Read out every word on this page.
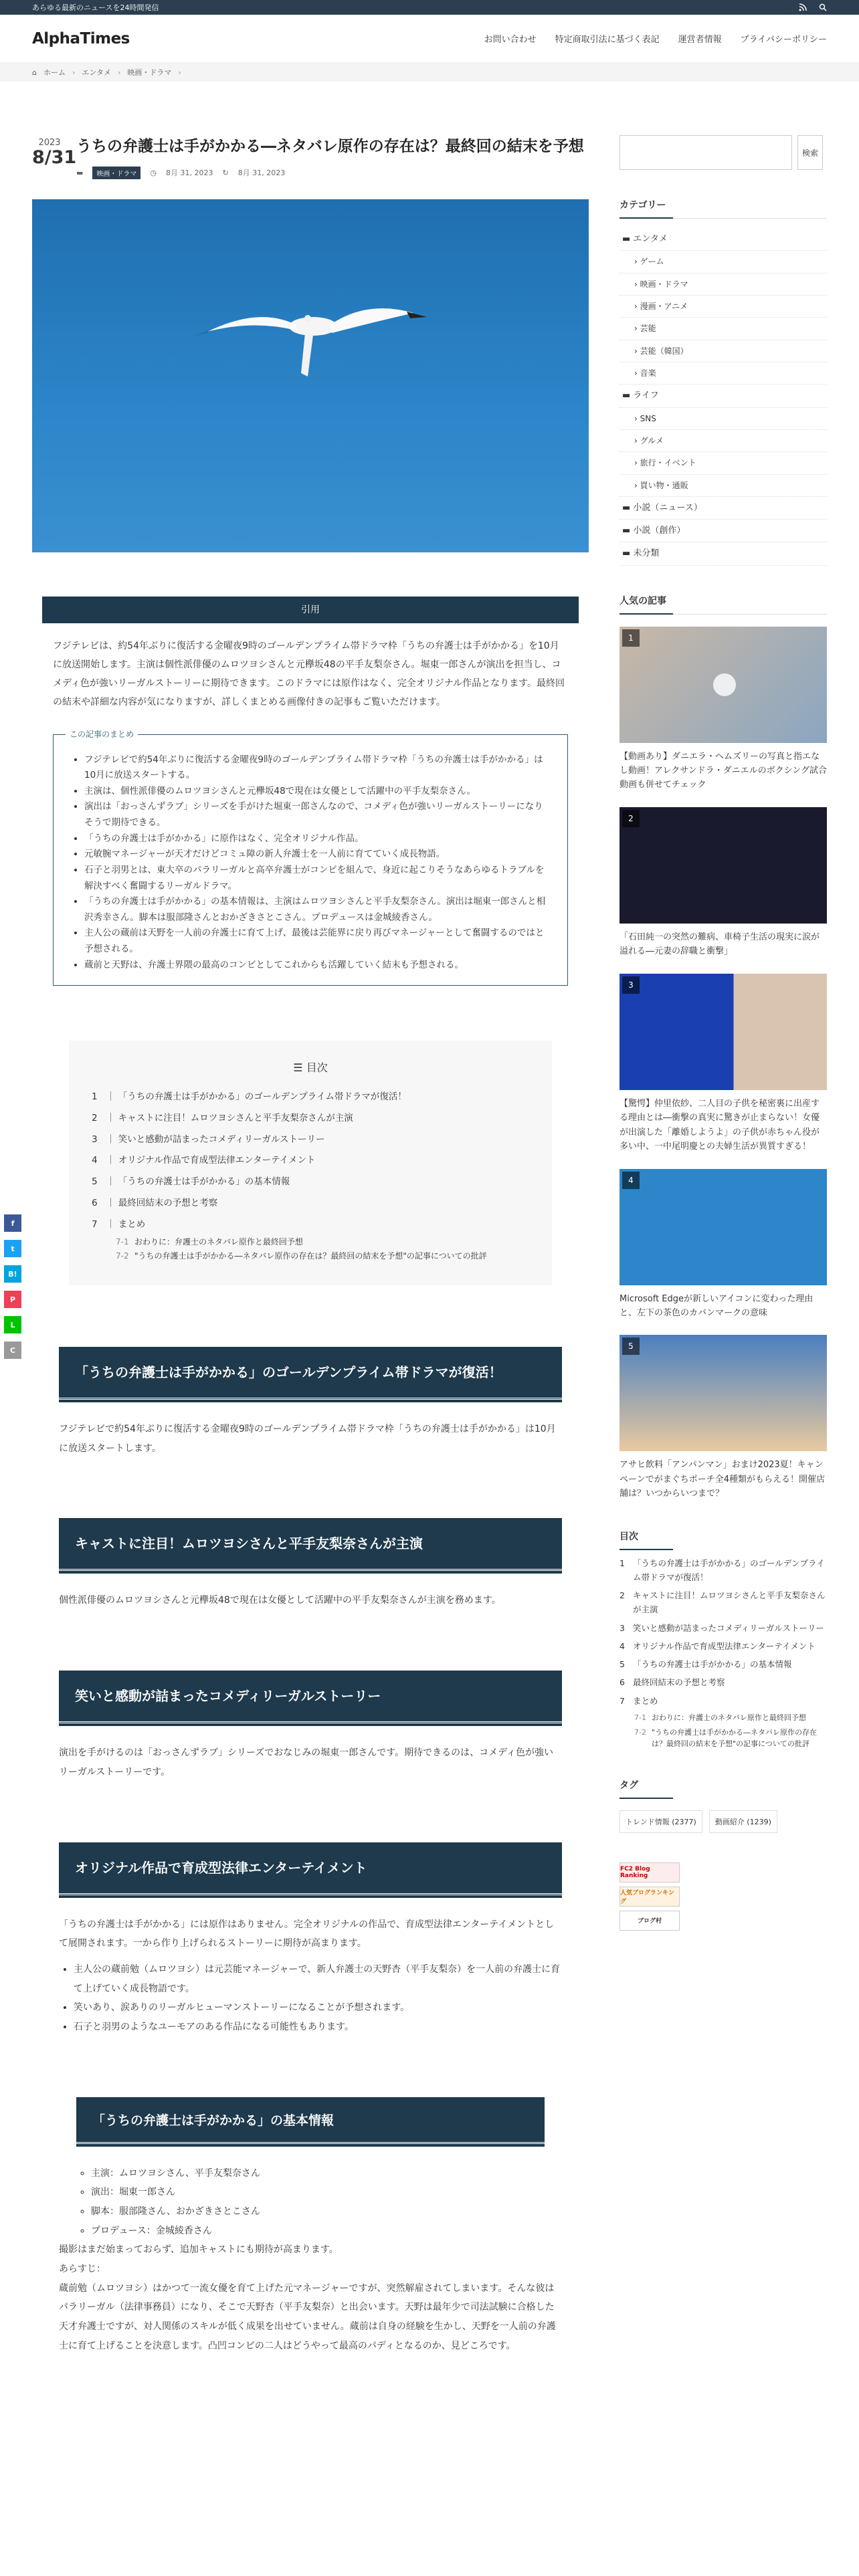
あらゆる最新のニュースを24時間発信
AlphaTimes	お問い合わせ 特定商取引法に基づく表記 運営者情報 プライバシーポリシー
⌂ ホーム › エンタメ › 映画・ドラマ ›
f
t
B!
P
L
C
2023
8/31
うちの弁護士は手がかかる―ネタバレ原作の存在は？最終回の結末を予想
▬	映画・ドラマ	◷ 8月 31, 2023 ↻ 8月 31, 2023
引用

フジテレビは、約54年ぶりに復活する金曜夜9時のゴールデンプライム帯ドラマ枠「うちの弁護士は手がかかる」を10月に放送開始します。主演は個性派俳優のムロツヨシさんと元欅坂48の平手友梨奈さん。堀東一郎さんが演出を担当し、コメディ色が強いリーガルストーリーに期待できます。このドラマには原作はなく、完全オリジナル作品となります。最終回の結末や詳細な内容が気になりますが、詳しくまとめる画像付きの記事もご覧いただけます。

この記事のまとめ
• フジテレビで約54年ぶりに復活する金曜夜9時のゴールデンプライム帯ドラマ枠「うちの弁護士は手がかかる」は10月に放送スタートする。
• 主演は、個性派俳優のムロツヨシさんと元欅坂48で現在は女優として活躍中の平手友梨奈さん。
• 演出は「おっさんずラブ」シリーズを手がけた堀東一郎さんなので、コメディ色が強いリーガルストーリーになりそうで期待できる。
• 「うちの弁護士は手がかかる」に原作はなく、完全オリジナル作品。
• 元敏腕マネージャーが天才だけどコミュ障の新人弁護士を一人前に育てていく成長物語。
• 石子と羽男とは、東大卒のパラリーガルと高卒弁護士がコンビを組んで、身近に起こりそうなあらゆるトラブルを解決すべく奮闘するリーガルドラマ。
• 「うちの弁護士は手がかかる」の基本情報は、主演はムロツヨシさんと平手友梨奈さん。演出は堀東一郎さんと相沢秀幸さん。脚本は服部隆さんとおかざきさとこさん。プロデュースは金城綾香さん。
• 主人公の蔵前は天野を一人前の弁護士に育て上げ、最後は芸能界に戻り再びマネージャーとして奮闘するのではと予想される。
• 蔵前と天野は、弁護士界隈の最高のコンビとしてこれからも活躍していく結末も予想される。
☰ 目次
1 ｜ 「うちの弁護士は手がかかる」のゴールデンプライム帯ドラマが復活！
2 ｜ キャストに注目！ムロツヨシさんと平手友梨奈さんが主演
3 ｜ 笑いと感動が詰まったコメディリーガルストーリー
4 ｜ オリジナル作品で育成型法律エンターテイメント
5 ｜ 「うちの弁護士は手がかかる」の基本情報
6 ｜ 最終回結末の予想と考察
7 ｜ まとめ
7-1 おわりに：弁護士のネタバレ原作と最終回予想
7-2 "うちの弁護士は手がかかる―ネタバレ原作の存在は？最終回の結末を予想"の記事についての批評
「うちの弁護士は手がかかる」のゴールデンプライム帯ドラマが復活！

フジテレビで約54年ぶりに復活する金曜夜9時のゴールデンプライム帯ドラマ枠「うちの弁護士は手がかかる」は10月に放送スタートします。

キャストに注目！ムロツヨシさんと平手友梨奈さんが主演

個性派俳優のムロツヨシさんと元欅坂48で現在は女優として活躍中の平手友梨奈さんが主演を務めます。

笑いと感動が詰まったコメディリーガルストーリー

演出を手がけるのは「おっさんずラブ」シリーズでおなじみの堀東一郎さんです。期待できるのは、コメディ色が強いリーガルストーリーです。

オリジナル作品で育成型法律エンターテイメント

「うちの弁護士は手がかかる」には原作はありません。完全オリジナルの作品で、育成型法律エンターテイメントとして展開されます。一から作り上げられるストーリーに期待が高まります。

• 主人公の蔵前勉（ムロツヨシ）は元芸能マネージャーで、新人弁護士の天野杏（平手友梨奈）を一人前の弁護士に育て上げていく成長物語です。
• 笑いあり、涙ありのリーガルヒューマンストーリーになることが予想されます。
• 石子と羽男のようなユーモアのある作品になる可能性もあります。
「うちの弁護士は手がかかる」の基本情報
◦ 主演：ムロツヨシさん、平手友梨奈さん
◦ 演出：堀東一郎さん
◦ 脚本：服部隆さん、おかざきさとこさん
◦ プロデュース：金城綾香さん

撮影はまだ始まっておらず、追加キャストにも期待が高まります。

あらすじ：

蔵前勉（ムロツヨシ）はかつて一流女優を育て上げた元マネージャーですが、突然解雇されてしまいます。そんな彼はパラリーガル（法律事務員）になり、そこで天野杏（平手友梨奈）と出会います。天野は最年少で司法試験に合格した天才弁護士ですが、対人関係のスキルが低く成果を出せていません。蔵前は自身の経験を生かし、天野を一人前の弁護士に育て上げることを決意します。凸凹コンビの二人はどうやって最高のパディとなるのか、見どころです。

検索
カテゴリー
▬ エンタメ
› ゲーム
› 映画・ドラマ
› 漫画・アニメ
› 芸能
› 芸能（韓国）
› 音楽
▬ ライフ
› SNS
› グルメ
› 旅行・イベント
› 買い物・通販
▬ 小説（ニュース）
▬ 小説（創作）
▬ 未分類
人気の記事
1
【動画あり】ダニエラ・ヘムズリーの写真と指エなし動画！アレクサンドラ・ダニエルのボクシング試合動画も併せてチェック
2
「石田純一の突然の難病、車椅子生活の現実に涙が溢れる―元妻の辞職と衝撃」
3
【驚愕】仲里依紗、二人目の子供を秘密裏に出産する理由とは―衝撃の真実に驚きが止まらない！女優が出演した「離婚しようよ」の子供が赤ちゃん役が多い中、一中尾明慶との夫婦生活が異質すぎる！
4
Microsoft Edgeが新しいアイコンに変わった理由と、左下の茶色のカバンマークの意味
5
アサヒ飲料「アンパンマン」おまけ2023夏！キャンペーンでがまぐちポーチ全4種類がもらえる！開催店舗は？いつからいつまで？
目次
1 「うちの弁護士は手がかかる」のゴールデンプライム帯ドラマが復活！
2 キャストに注目！ムロツヨシさんと平手友梨奈さんが主演
3 笑いと感動が詰まったコメディリーガルストーリー
4 オリジナル作品で育成型法律エンターテイメント
5 「うちの弁護士は手がかかる」の基本情報
6 最終回結末の予想と考察
7 まとめ
7-1 おわりに：弁護士のネタバレ原作と最終回予想
7-2 "うちの弁護士は手がかかる―ネタバレ原作の存在は？最終回の結末を予想"の記事についての批評
タグ
トレンド情報 (2377)	動画紹介 (1239)
FC2 Blog Ranking
人気ブログランキング
ブログ村
